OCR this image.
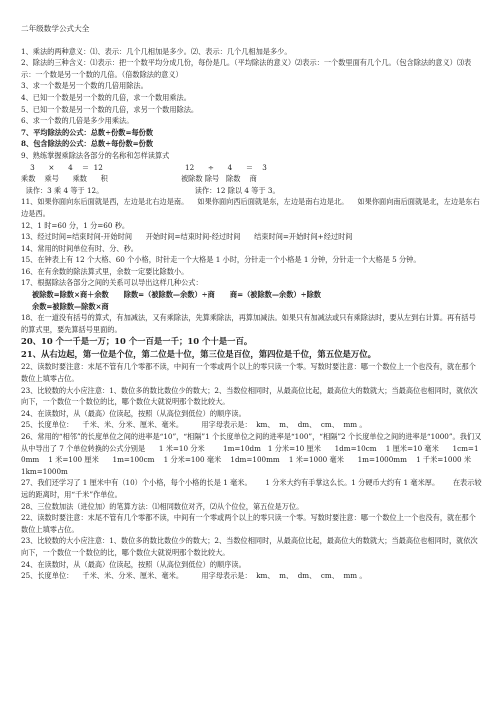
二年级数学公式大全
1、乘法的两种意义：⑴、表示：几个几相加是多少。⑵、表示：几个几相加是多少。
2、除法的三种含义：⑴表示：把一个数平均分成几份，每份是几。（平均除法的意义）⑵表示：一个数里面有几个几。（包含除法的意义）⑶表示：一个数是另一个数的几倍。（倍数除法的意义）
3、求一个数是另一个数的几倍用除法。
4、已知一个数是另一个数的几倍，求一个数用乘法。
5、已知一个数是另一个数的几倍，求另一个数用除法。
6、求一个数的几倍是多少用乘法。
7、平均除法的公式：总数÷份数=每份数
8、包含除法的公式：总数÷每份数=份数
9、熟练掌握乘除法各部分的名称和怎样读算式
3      ×      4    ＝  12                                    12      ÷      4      ＝    3
乘数    乘号      乘数      积                                被除数 除号   除数    商
读作：3 乘 4 等于 12。                                        读作：12 除以 4 等于 3。
11、如果你面向东后面就是西，左边是北右边是南。    如果你面向西后面就是东，左边是南右边是北。    如果你面向南后面就是北，左边是东右边是西。
12、1 时=60 分，1 分=60 秒。
13、经过时间=结束时间-开始时间      开始时间=结束时间-经过时间      结束时间=开始时间+经过时间
14、常用的时间单位有时、分、秒。
15、在钟表上有 12 个大格、60 个小格，时针走一个大格是 1 小时，分针走一个小格是 1 分钟，分针走一个大格是 5 分钟。
16、在有余数的除法算式里，余数一定要比除数小。
17、根据除法各部分之间的关系可以导出这样几种公式：
被除数=除数×商＋余数      除数=（被除数—余数）÷商      商=（被除数—余数）÷除数
余数=被除数—除数×商
18、在一道没有括号的算式，有加减法，又有乘除法，先算乘除法，再算加减法。如果只有加减法或只有乘除法时，要从左到右计算。再有括号的算式里，要先算括号里面的。
20、10 个一千是一万；10 个一百是一千；10 个十是一百。
21、从右边起，第一位是个位，第二位是十位，第三位是百位，第四位是千位，第五位是万位。
22、读数时要注意：末尾不管有几个零都不读，中间有一个零或两个以上的零只读一个零。写数时要注意：哪一个数位上一个也没有，就在那个数位上填零占位。
23、比较数的大小应注意：1、数位多的数比数位少的数大；2、当数位相同时，从最高位比起，最高位大的数就大；当最高位也相同时，就依次向下，一个数位一个数位的比，哪个数位大就说明那个数比较大。
24、在读数时，从（最高）位读起，按照（从高位到低位）的顺序读。
25、长度单位：    千米、米、分米、厘米、毫米。        用字母表示是：  km、  m、  dm、  cm、  mm 。
26、常用的“相邻”的长度单位之间的进率是“10”，“相隔”1 个长度单位之间的进率是“100”，“相隔”2 个长度单位之间的进率是“1000”。我们又从中导出了 7 个单位转换的公式分别是      1 米=10 分米        1m=10dm   1 分米=10 厘米      1dm=10cm    1 厘米=10 毫米      1cm=10mm    1 米=100 厘米      1m=100cm    1 分米=100 毫米    1dm=100mm    1 米=1000 毫米      1m=1000mm    1 千米=1000 米        1km=1000m
27、我们还学习了 1 厘米中有（10）个小格，每个小格的长是 1 毫米。      1 分米大约有手掌这么长。1 分硬币大约有 1 毫米厚。      在表示较远的距离时，用“千米”作单位。
28、三位数加法（进位加）的笔算方法：⑴相同数位对齐，⑵从个位位，第五位是万位。
22、读数时要注意：末尾不管有几个零都不读，中间有一个零或两个以上的零只读一个零。写数时要注意：哪一个数位上一个也没有，就在那个数位上填零占位。
23、比较数的大小应注意：1、数位多的数比数位少的数大；2、当数位相同时，从最高位比起，最高位大的数就大；当最高位也相同时，就依次向下，一个数位一个数位的比，哪个数位大就说明那个数比较大。
24、在读数时，从（最高）位读起，按照（从高位到低位）的顺序读。
25、长度单位：    千米、米、分米、厘米、毫米。        用字母表示是：  km、  m、  dm、  cm、  mm 。
